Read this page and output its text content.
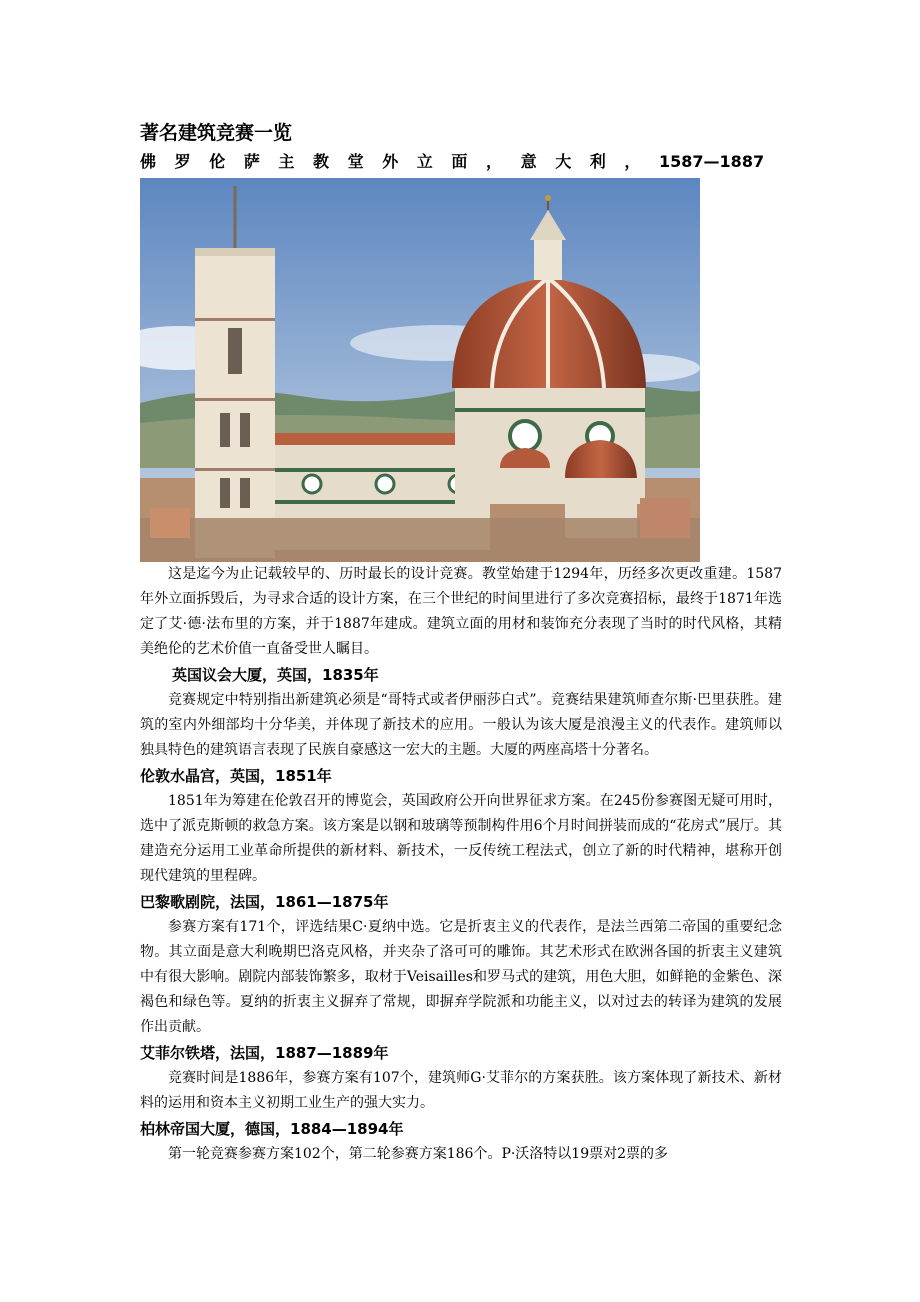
著名建筑竞赛一览
佛罗伦萨主教堂外立面，意大利，1587—1887

这是迄今为止记载较早的、历时最长的设计竞赛。教堂始建于1294年，历经多次更改重建。1587年外立面拆毁后，为寻求合适的设计方案，在三个世纪的时间里进行了多次竞赛招标，最终于1871年选定了艾·德·法布里的方案，并于1887年建成。建筑立面的用材和装饰充分表现了当时的时代风格，其精美绝伦的艺术价值一直备受世人瞩目。

英国议会大厦，英国，1835年

竞赛规定中特别指出新建筑必须是“哥特式或者伊丽莎白式”。竞赛结果建筑师查尔斯·巴里获胜。建筑的室内外细部均十分华美，并体现了新技术的应用。一般认为该大厦是浪漫主义的代表作。建筑师以独具特色的建筑语言表现了民族自豪感这一宏大的主题。大厦的两座高塔十分著名。

伦敦水晶宫，英国，1851年

1851年为筹建在伦敦召开的博览会，英国政府公开向世界征求方案。在245份参赛图无疑可用时，选中了派克斯顿的救急方案。该方案是以钢和玻璃等预制构件用6个月时间拼装而成的“花房式”展厅。其建造充分运用工业革命所提供的新材料、新技术，一反传统工程法式，创立了新的时代精神，堪称开创现代建筑的里程碑。

巴黎歌剧院，法国，1861—1875年

参赛方案有171个，评选结果C·夏纳中选。它是折衷主义的代表作，是法兰西第二帝国的重要纪念物。其立面是意大利晚期巴洛克风格，并夹杂了洛可可的雕饰。其艺术形式在欧洲各国的折衷主义建筑中有很大影响。剧院内部装饰繁多，取材于Veisailles和罗马式的建筑，用色大胆，如鲜艳的金紫色、深褐色和绿色等。夏纳的折衷主义摒弃了常规，即摒弃学院派和功能主义，以对过去的转译为建筑的发展作出贡献。

艾菲尔铁塔，法国，1887—1889年

竞赛时间是1886年，参赛方案有107个，建筑师G·艾菲尔的方案获胜。该方案体现了新技术、新材料的运用和资本主义初期工业生产的强大实力。

柏林帝国大厦，德国，1884—1894年

第一轮竞赛参赛方案102个，第二轮参赛方案186个。P·沃洛特以19票对2票的多
